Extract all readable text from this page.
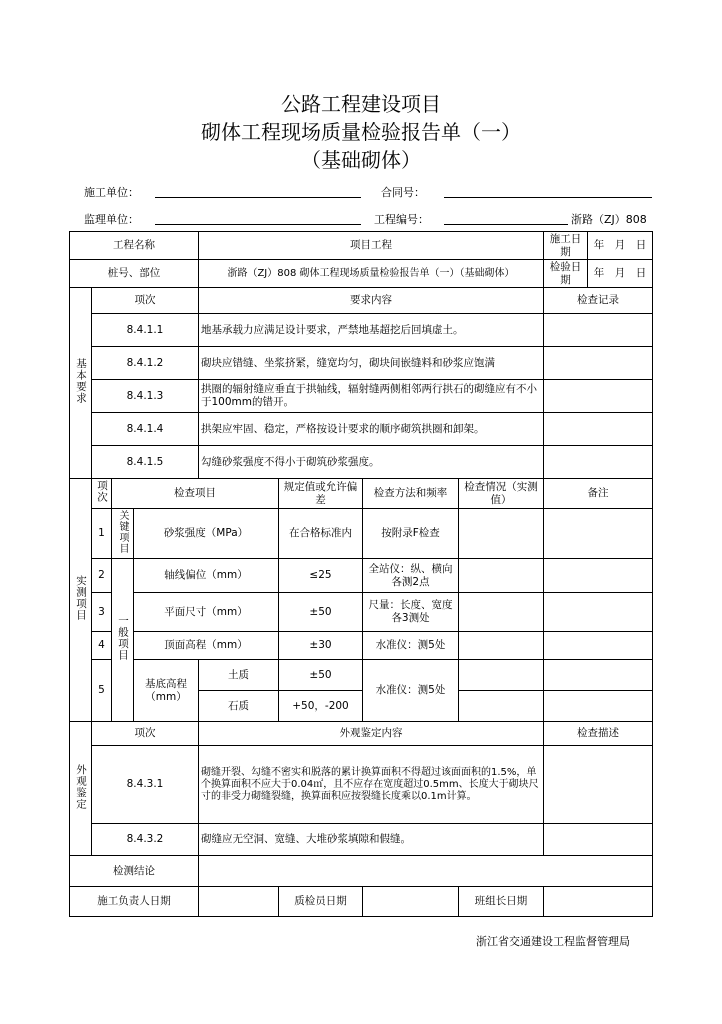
公路工程建设项目
砌体工程现场质量检验报告单（一）
（基础砌体）
施工单位：	合同号：
监理单位：	工程编号：	浙路（ZJ）808
工程名称				项目工程				施工日期	年　月　日
桩号、部位				浙路（ZJ）808 砌体工程现场质量检验报告单（一）（基础砌体）				检验日期	年　月　日
基本要求	项次			要求内容				检查记录	
	8.4.1.1			地基承载力应满足设计要求，严禁地基超挖后回填虚土。					
	8.4.1.2			砌块应错缝、坐浆挤紧，缝宽均匀，砌块间嵌缝料和砂浆应饱满					
	8.4.1.3			拱圈的辐射缝应垂直于拱轴线，辐射缝两侧相邻两行拱石的砌缝应有不小于100mm的错开。					
	8.4.1.4			拱架应牢固、稳定，严格按设计要求的顺序砌筑拱圈和卸架。					
	8.4.1.5			勾缝砂浆强度不得小于砌筑砂浆强度。					
实测项目	项次	检查项目			规定值或允许偏差	检查方法和频率	检查情况（实测值）	备注	
	1	关键项目	砂浆强度（MPa）		在合格标准内	按附录F检查			
	2	一般项目	轴线偏位（mm）		≤25	全站仪：纵、横向各测2点			
	3		平面尺寸（mm）		±50	尺量：长度、宽度各3测处			
	4		顶面高程（mm）		±30	水准仪：测5处			
	5		基底高程（mm）	土质	±50	水准仪：测5处			
				石质	+50，-200				
外观鉴定	项次			外观鉴定内容				检查描述	
	8.4.3.1			砌缝开裂、勾缝不密实和脱落的累计换算面积不得超过该面面积的1.5%，单个换算面积不应大于0.04㎡，且不应存在宽度超过0.5mm、长度大于砌块尺寸的非受力砌缝裂缝，换算面积应按裂缝长度乘以0.1m计算。					
	8.4.3.2			砌缝应无空洞、宽缝、大堆砂浆填隙和假缝。					
检测结论									
施工负责人日期					质检员日期		班组长日期		
浙江省交通建设工程监督管理局
